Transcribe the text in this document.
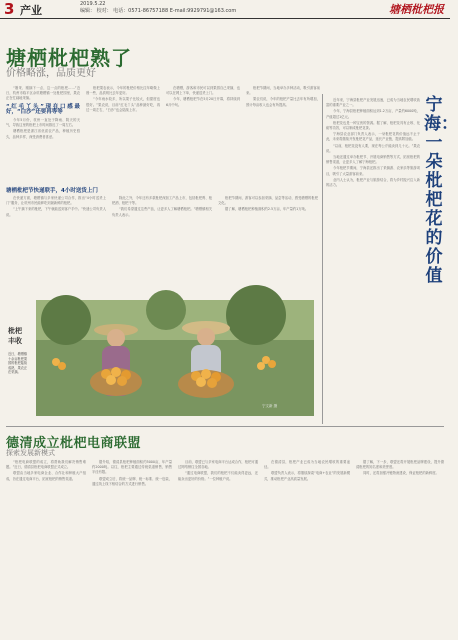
3 产业	2019.5.22
编辑： 校对： 电话：0571-86757188 E-mail:9929791@163.com	塘栖枇杷报
塘栖枇杷熟了
价格略涨，品质更好

“刚采、刚摘下一点，这一点的枇杷……”近日，杭州市临平区余杭塘栖镇一处枇杷园里，果农正在忙碌地采摘。

“红毛丫头”现在口感最好，“白沙”还要再等等

今年5月份，杭州一直处于降雨、阴天的天气，导致这里的枇杷上市时间推迟了一周左右。

塘栖枇杷是浙江省优质农产品，种植历史悠久，品种多样，深受消费者喜爱。

枇杷果农表示，今年的枇杷价格比往年略微上涨一些，品质则比去年更好。

“今年雨水较多，所以果子比较大，但甜度也很好。”果农说，目前“红毛丫头”品种最好吃，再过一周左右，“白沙”也会陆续上市。

在塘栖，游客和市民可以到果园自己采摘，也可以在网上下单，快递送货上门。

今年，塘栖枇杷节在5月20日开幕，将持续到6月中旬。

枇杷节期间，当地举办多种活动，吸引游客前来。

果农们说，今年的枇杷产量比去年有所增加，预计每亩收入也会有所提高。

塘栖枇杷节快递联手，4小时送货上门

在快递方面，塘栖镇与多家快递公司合作，推出“4小时送货上门”服务，让杭州市民能够吃到最新鲜的枇杷。

“上午摘下来的枇杷，下午就能送到客户手中。”快递公司负责人说。

除此之外，今年还有多款枇杷深加工产品上市，包括枇杷膏、枇杷酒、枇杷干等。

“我们希望通过这些产品，让更多人了解塘栖枇杷。”塘栖镇相关负责人表示。

枇杷节期间，游客可以参加采摘、品尝等活动，感受塘栖的枇杷文化。

据了解，塘栖枇杷种植面积约2.5万亩，年产量约1万吨。

近年来，宁海县枇杷产业发展迅速，已成为当地农民增收致富的重要产业之一。

今年，宁海县枇杷种植面积达到1.2万亩，产量约6000吨，产值超过1亿元。

枇杷花也是一种宝贵的资源。据了解，枇杷花具有止咳、化痰等功效，可以制成枇杷花茶。

宁海县农业部门负责人表示，一朵枇杷花的价值远不止于此，未来将继续开发枇杷花产品，延长产业链，提高附加值。

“以前，枇杷花没有人要，现在每公斤能卖到几十元。”果农说。

当地还通过举办枇杷节、开展电商销售等方式，拓宽枇杷的销售渠道，让更多人了解宁海枇杷。

今年枇杷节期间，宁海县还推出了采摘游、农家乐等旅游项目，吸引了大量游客前来。

业内人士认为，枇杷产业与旅游结合，将为乡村振兴注入新的活力。

宁海：一朵枇杷花的价值
枇杷丰收
近日，塘栖镇十余亩枇杷果园的枇杷陆续成熟，果农正在采摘。
宁文新 摄
德清成立枇杷电商联盟
探索发展新模式

“枇杷电商联盟的成立，将帮助我们解决销售难题。”近日，德清县枇杷电商联盟正式成立。

联盟由当地多家电商企业、合作社和种植大户组成，旨在通过电商平台，拓宽枇杷的销售渠道。

据介绍，德清县枇杷种植面积约5000亩，年产量约2000吨。以往，枇杷主要通过传统渠道销售，销售半径有限。

联盟成立后，将统一品牌、统一标准、统一包装，通过线上线下相结合的方式进行销售。

目前，联盟已与多家电商平台达成合作，枇杷可通过网络销往全国各地。

“通过电商联盟，我们的枇杷不仅能卖得更远，还能卖出更好的价格。”一位种植户说。

在德清县，枇杷产业已成为当地农民增收的重要途径。

联盟负责人表示，将继续探索“电商+农业”的发展新模式，推动枇杷产业高质量发展。

据了解，下一步，联盟还将开展枇杷品牌建设，提升德清枇杷的知名度和美誉度。

同时，还将加强冷链物流建设，保证枇杷的新鲜度。
